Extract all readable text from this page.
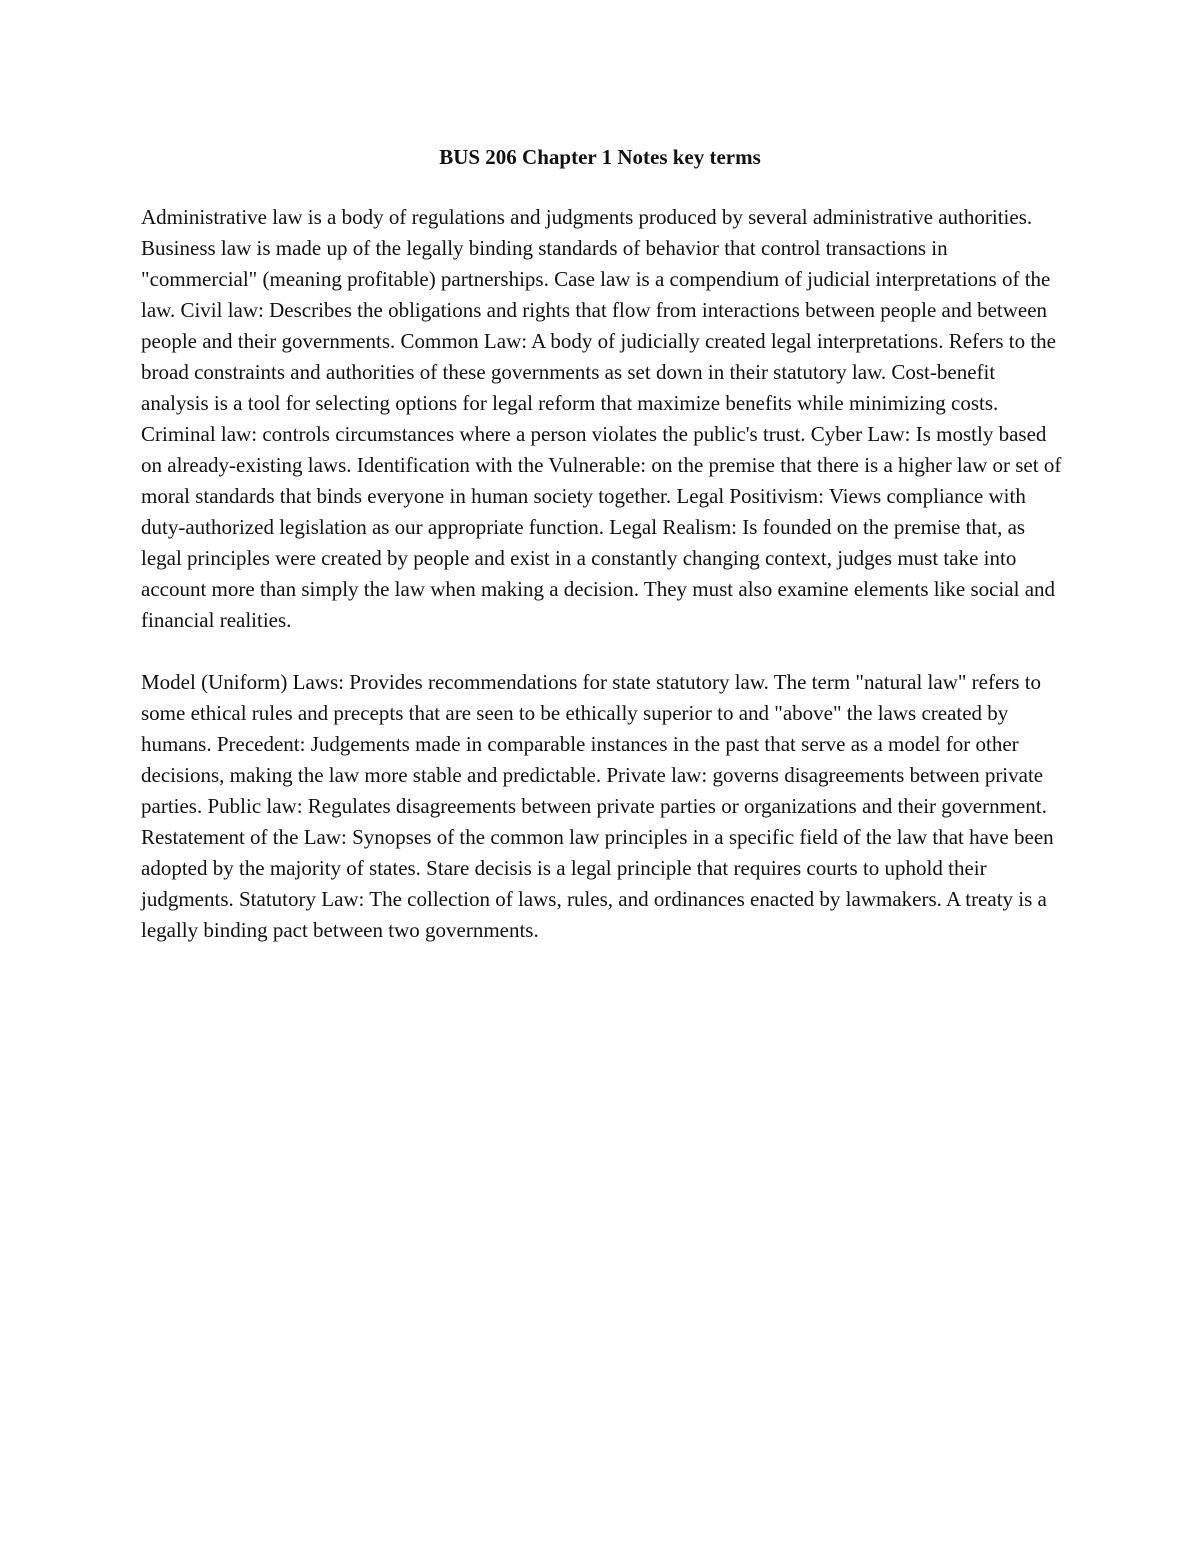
BUS 206 Chapter 1 Notes key terms

Administrative law is a body of regulations and judgments produced by several administrative authorities. Business law is made up of the legally binding standards of behavior that control transactions in "commercial" (meaning profitable) partnerships. Case law is a compendium of judicial interpretations of the law. Civil law: Describes the obligations and rights that flow from interactions between people and between people and their governments. Common Law: A body of judicially created legal interpretations. Refers to the broad constraints and authorities of these governments as set down in their statutory law. Cost-benefit analysis is a tool for selecting options for legal reform that maximize benefits while minimizing costs. Criminal law: controls circumstances where a person violates the public's trust. Cyber Law: Is mostly based on already-existing laws. Identification with the Vulnerable: on the premise that there is a higher law or set of moral standards that binds everyone in human society together. Legal Positivism: Views compliance with duty-authorized legislation as our appropriate function. Legal Realism: Is founded on the premise that, as legal principles were created by people and exist in a constantly changing context, judges must take into account more than simply the law when making a decision. They must also examine elements like social and financial realities.

Model (Uniform) Laws: Provides recommendations for state statutory law. The term "natural law" refers to some ethical rules and precepts that are seen to be ethically superior to and "above" the laws created by humans. Precedent: Judgements made in comparable instances in the past that serve as a model for other decisions, making the law more stable and predictable. Private law: governs disagreements between private parties. Public law: Regulates disagreements between private parties or organizations and their government. Restatement of the Law: Synopses of the common law principles in a specific field of the law that have been adopted by the majority of states. Stare decisis is a legal principle that requires courts to uphold their judgments. Statutory Law: The collection of laws, rules, and ordinances enacted by lawmakers. A treaty is a legally binding pact between two governments.
